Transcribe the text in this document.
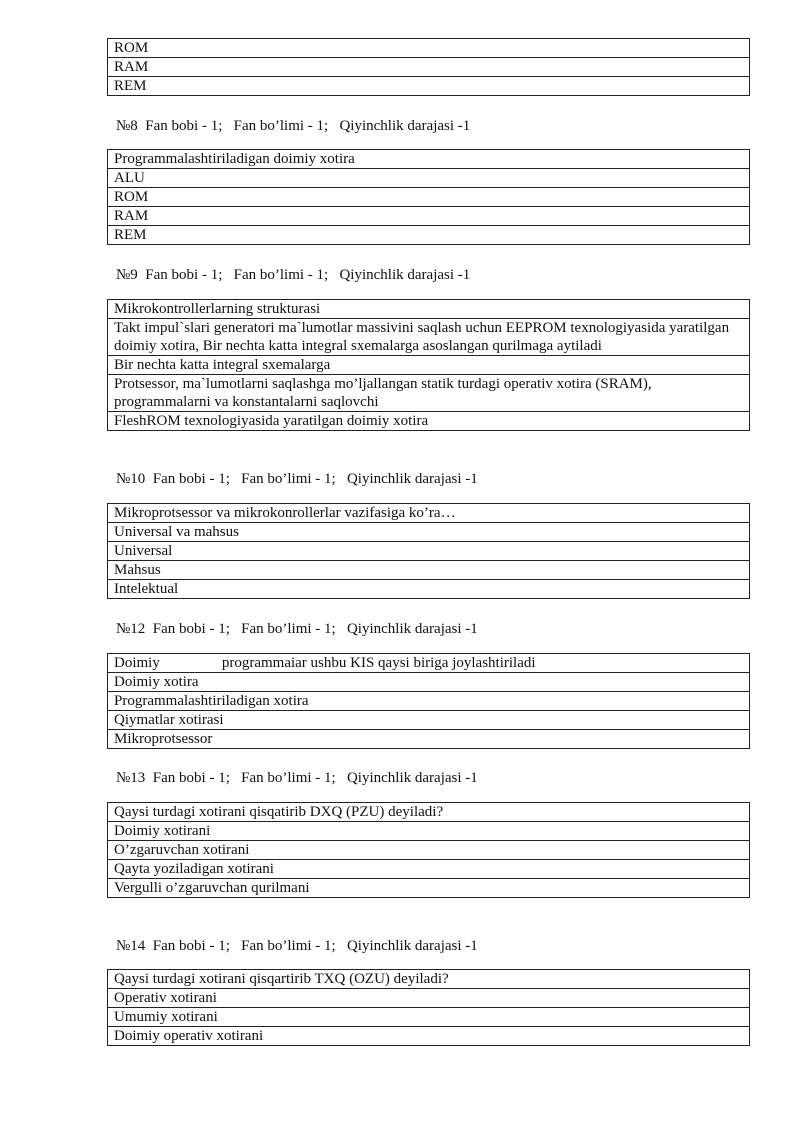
ROM
RAM
REM
№8  Fan bobi - 1;   Fan bo’limi - 1;   Qiyinchlik darajasi -1
Programmalashtiriladigan doimiy xotira
ALU
ROM
RAM
REM
№9  Fan bobi - 1;   Fan bo’limi - 1;   Qiyinchlik darajasi -1
Mikrokontrollerlarning strukturasi
Takt impul`slari generatori ma`lumotlar massivini saqlash uchun EEPROM texnologiyasida yaratilgan doimiy xotira, Bir nechta katta integral sxemalarga asoslangan qurilmaga aytiladi
Bir nechta katta integral sxemalarga
Protsessor, ma`lumotlarni saqlashga mo’ljallangan statik turdagi operativ xotira (SRAM), programmalarni va konstantalarni saqlovchi
FleshROM texnologiyasida yaratilgan doimiy xotira
№10  Fan bobi - 1;   Fan bo’limi - 1;   Qiyinchlik darajasi -1
Mikroprotsessor va mikrokonrollerlar vazifasiga ko’ra…
Universal va mahsus
Universal
Mahsus
Intelektual
№12  Fan bobi - 1;   Fan bo’limi - 1;   Qiyinchlik darajasi -1
Doimiy	programmaiar ushbu KIS qaysi biriga joylashtiriladi
Doimiy xotira
Programmalashtiriladigan xotira
Qiymatlar xotirasi
Mikroprotsessor
№13  Fan bobi - 1;   Fan bo’limi - 1;   Qiyinchlik darajasi -1
Qaysi turdagi xotirani qisqatirib DXQ (PZU) deyiladi?
Doimiy xotirani
O’zgaruvchan xotirani
Qayta yoziladigan xotirani
Vergulli o’zgaruvchan qurilmani
№14  Fan bobi - 1;   Fan bo’limi - 1;   Qiyinchlik darajasi -1
Qaysi turdagi xotirani qisqartirib TXQ (OZU) deyiladi?
Operativ xotirani
Umumiy xotirani
Doimiy operativ xotirani
